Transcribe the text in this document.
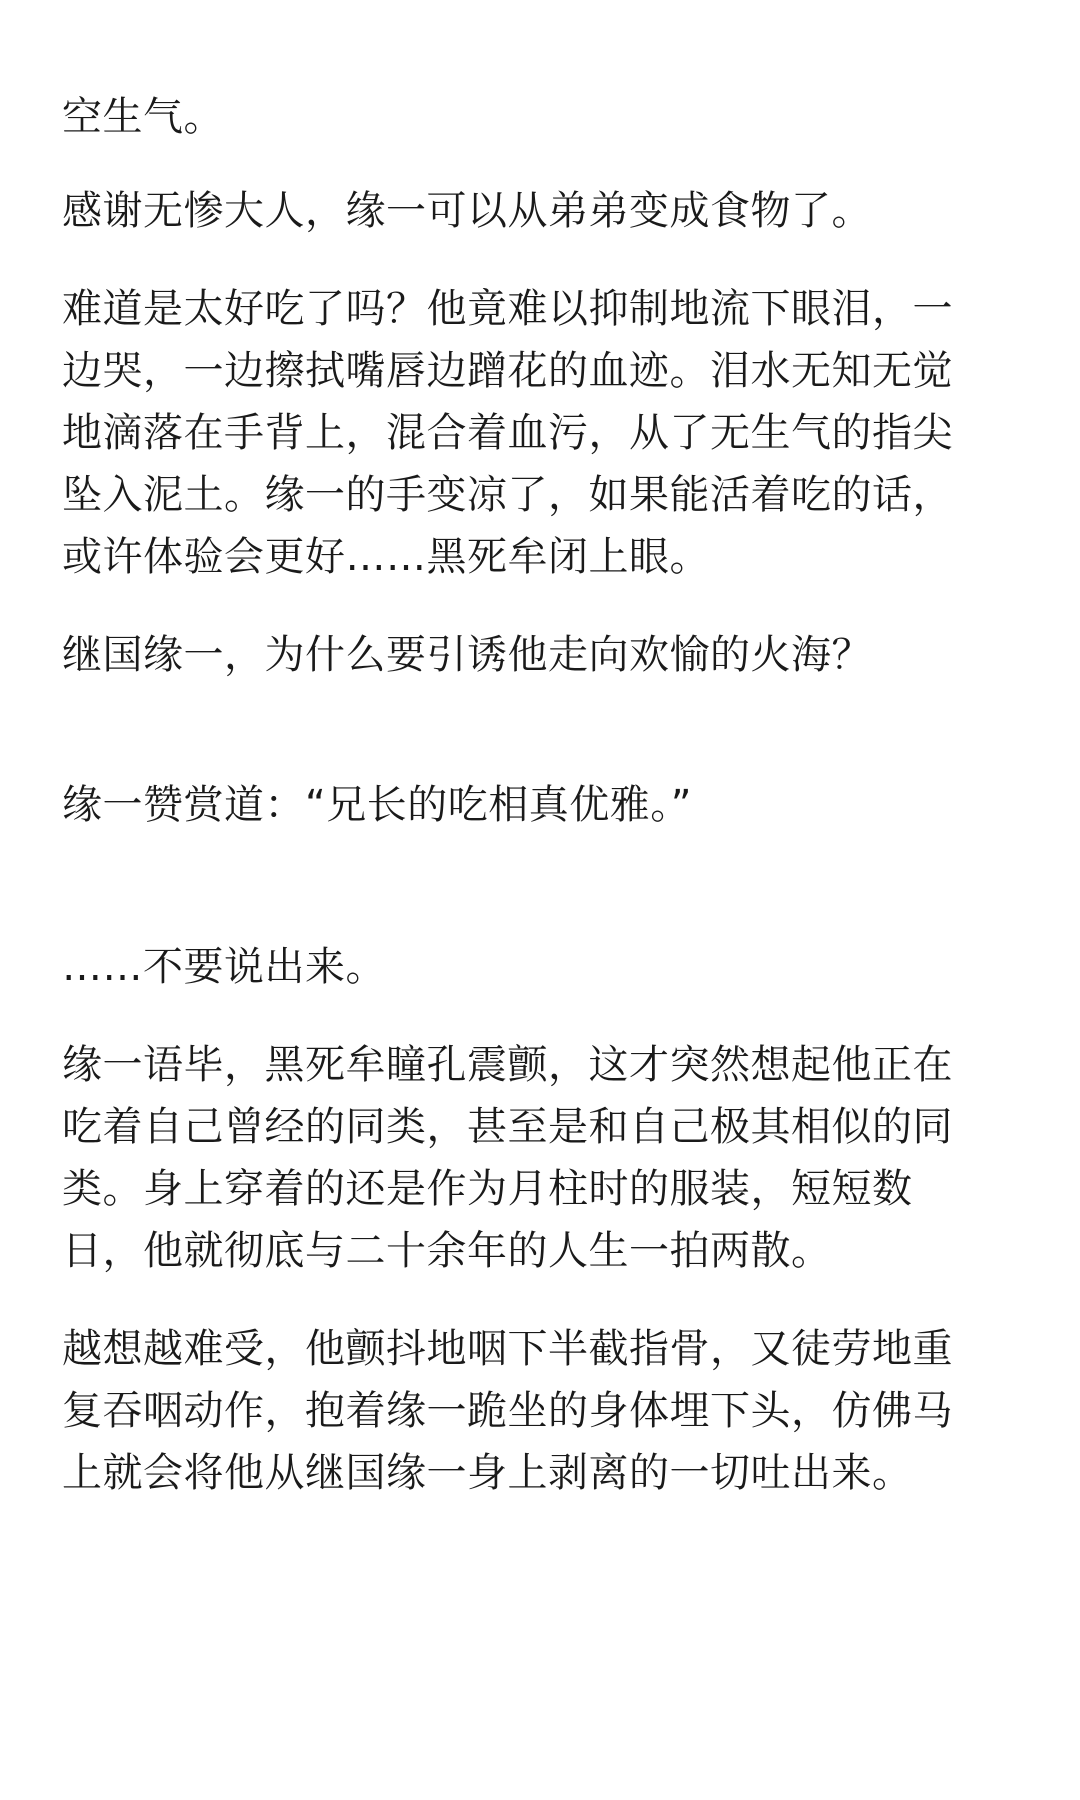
空生气。

感谢无惨大人，缘一可以从弟弟变成食物了。

难道是太好吃了吗？他竟难以抑制地流下眼泪，一
边哭，一边擦拭嘴唇边蹭花的血迹。泪水无知无觉
地滴落在手背上，混合着血污，从了无生气的指尖
坠入泥土。缘一的手变凉了，如果能活着吃的话，
或许体验会更好……黑死牟闭上眼。

继国缘一，为什么要引诱他走向欢愉的火海？

缘一赞赏道：“兄长的吃相真优雅。”

……不要说出来。

缘一语毕，黑死牟瞳孔震颤，这才突然想起他正在
吃着自己曾经的同类，甚至是和自己极其相似的同
类。身上穿着的还是作为月柱时的服装，短短数
日，他就彻底与二十余年的人生一拍两散。

越想越难受，他颤抖地咽下半截指骨，又徒劳地重
复吞咽动作，抱着缘一跪坐的身体埋下头，仿佛马
上就会将他从继国缘一身上剥离的一切吐出来。
